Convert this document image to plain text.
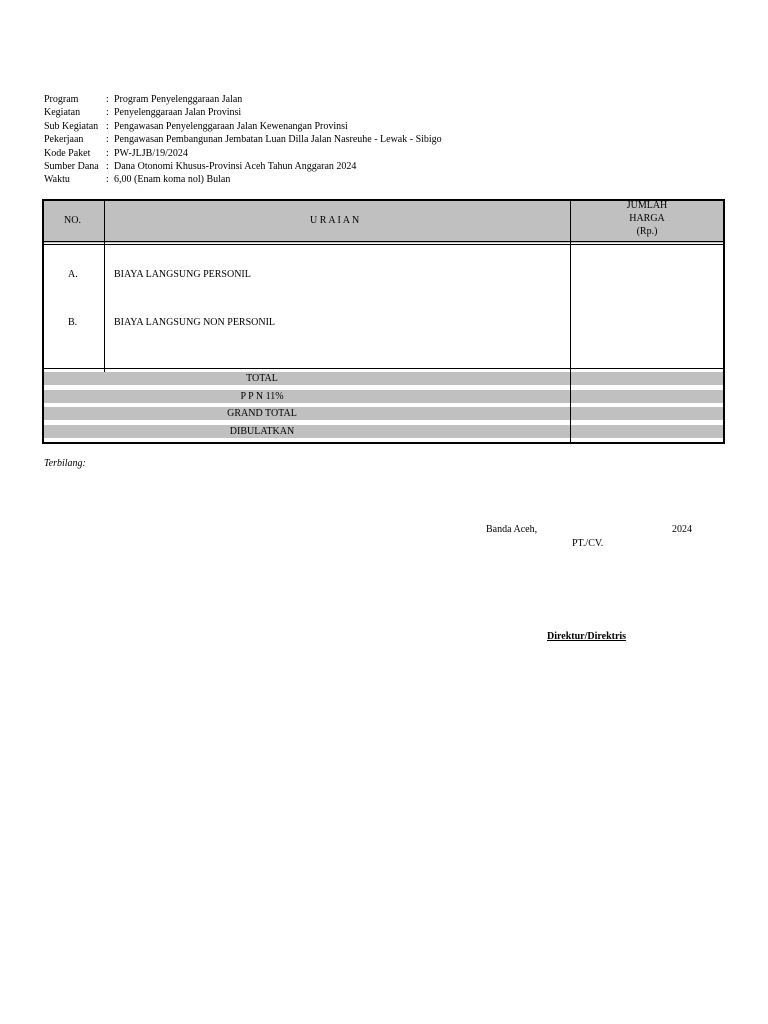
Program	: Program Penyelenggaraan Jalan
Kegiatan	: Penyelenggaraan Jalan Provinsi
Sub Kegiatan : Pengawasan Penyelenggaraan Jalan Kewenangan Provinsi
Pekerjaan	: Pengawasan Pembangunan Jembatan Luan Dilla Jalan Nasreuhe - Lewak - Sibigo
Kode Paket	: PW-JLJB/19/2024
Sumber Dana : Dana Otonomi Khusus-Provinsi Aceh Tahun Anggaran 2024
Waktu	: 6,00 (Enam koma nol) Bulan
NO.	U R A I A N
JUMLAH
HARGA
(Rp.)
A.	BIAYA LANGSUNG PERSONIL
B.	BIAYA LANGSUNG NON PERSONIL
TOTAL
P P N 11%
GRAND TOTAL
DIBULATKAN
Terbilang:
Banda Aceh,	2024
PT./CV.
Direktur/Direktris
